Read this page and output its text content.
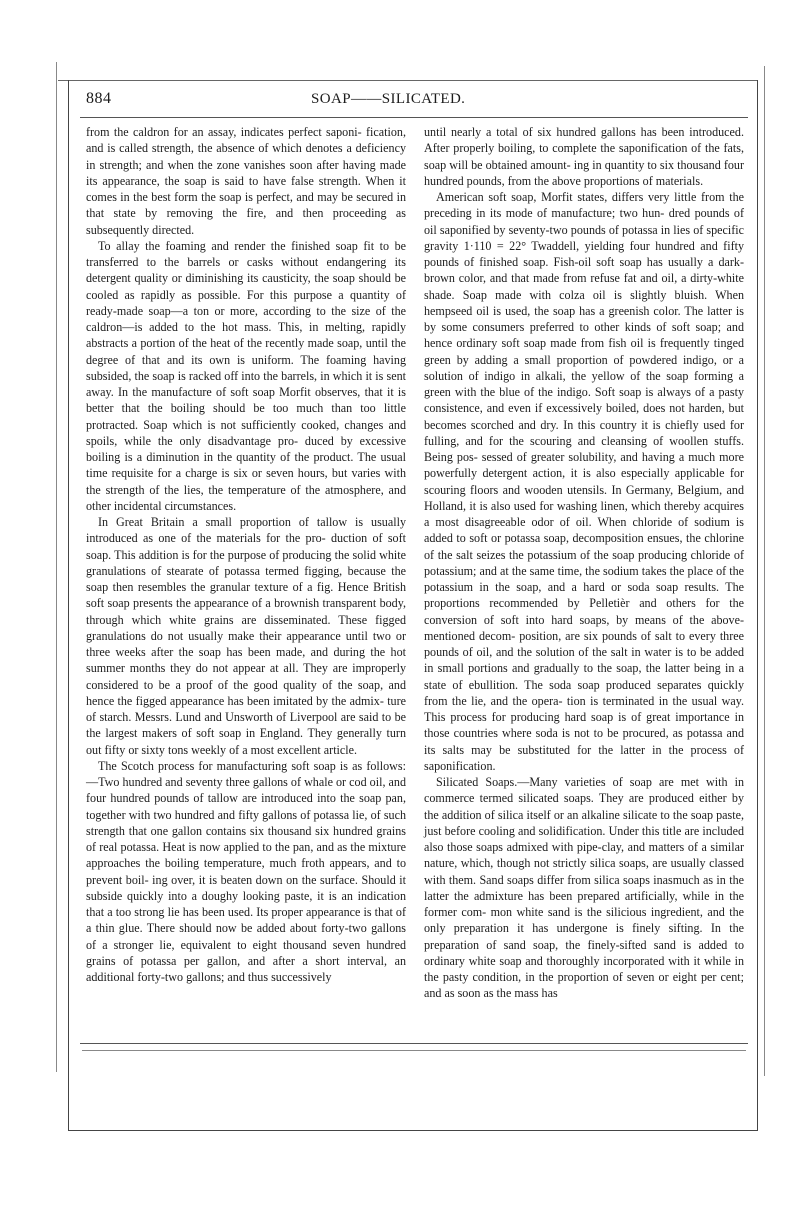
884	SOAP——SILICATED.

from the caldron for an assay, indicates perfect saponi- fication, and is called strength, the absence of which denotes a deficiency in strength; and when the zone vanishes soon after having made its appearance, the soap is said to have false strength. When it comes in the best form the soap is perfect, and may be secured in that state by removing the fire, and then proceeding as subsequently directed.

To allay the foaming and render the finished soap fit to be transferred to the barrels or casks without endangering its detergent quality or diminishing its causticity, the soap should be cooled as rapidly as possible. For this purpose a quantity of ready-made soap—a ton or more, according to the size of the caldron—is added to the hot mass. This, in melting, rapidly abstracts a portion of the heat of the recently made soap, until the degree of that and its own is uniform. The foaming having subsided, the soap is racked off into the barrels, in which it is sent away. In the manufacture of soft soap Morfit observes, that it is better that the boiling should be too much than too little protracted. Soap which is not sufficiently cooked, changes and spoils, while the only disadvantage pro- duced by excessive boiling is a diminution in the quantity of the product. The usual time requisite for a charge is six or seven hours, but varies with the strength of the lies, the temperature of the atmosphere, and other incidental circumstances.

In Great Britain a small proportion of tallow is usually introduced as one of the materials for the pro- duction of soft soap. This addition is for the purpose of producing the solid white granulations of stearate of potassa termed figging, because the soap then resembles the granular texture of a fig. Hence British soft soap presents the appearance of a brownish transparent body, through which white grains are disseminated. These figged granulations do not usually make their appearance until two or three weeks after the soap has been made, and during the hot summer months they do not appear at all. They are improperly considered to be a proof of the good quality of the soap, and hence the figged appearance has been imitated by the admix- ture of starch. Messrs. Lund and Unsworth of Liverpool are said to be the largest makers of soft soap in England. They generally turn out fifty or sixty tons weekly of a most excellent article.

The Scotch process for manufacturing soft soap is as follows:—Two hundred and seventy three gallons of whale or cod oil, and four hundred pounds of tallow are introduced into the soap pan, together with two hundred and fifty gallons of potassa lie, of such strength that one gallon contains six thousand six hundred grains of real potassa. Heat is now applied to the pan, and as the mixture approaches the boiling temperature, much froth appears, and to prevent boil- ing over, it is beaten down on the surface. Should it subside quickly into a doughy looking paste, it is an indication that a too strong lie has been used. Its proper appearance is that of a thin glue. There should now be added about forty-two gallons of a stronger lie, equivalent to eight thousand seven hundred grains of potassa per gallon, and after a short interval, an additional forty-two gallons; and thus successively

until nearly a total of six hundred gallons has been introduced. After properly boiling, to complete the saponification of the fats, soap will be obtained amount- ing in quantity to six thousand four hundred pounds, from the above proportions of materials.

American soft soap, Morfit states, differs very little from the preceding in its mode of manufacture; two hun- dred pounds of oil saponified by seventy-two pounds of potassa in lies of specific gravity 1·110 = 22° Twaddell, yielding four hundred and fifty pounds of finished soap. Fish-oil soft soap has usually a dark-brown color, and that made from refuse fat and oil, a dirty-white shade. Soap made with colza oil is slightly bluish. When hempseed oil is used, the soap has a greenish color. The latter is by some consumers preferred to other kinds of soft soap; and hence ordinary soft soap made from fish oil is frequently tinged green by adding a small proportion of powdered indigo, or a solution of indigo in alkali, the yellow of the soap forming a green with the blue of the indigo. Soft soap is always of a pasty consistence, and even if excessively boiled, does not harden, but becomes scorched and dry. In this country it is chiefly used for fulling, and for the scouring and cleansing of woollen stuffs. Being pos- sessed of greater solubility, and having a much more powerfully detergent action, it is also especially applicable for scouring floors and wooden utensils. In Germany, Belgium, and Holland, it is also used for washing linen, which thereby acquires a most disagreeable odor of oil. When chloride of sodium is added to soft or potassa soap, decomposition ensues, the chlorine of the salt seizes the potassium of the soap producing chloride of potassium; and at the same time, the sodium takes the place of the potassium in the soap, and a hard or soda soap results. The proportions recommended by Pelletièr and others for the conversion of soft into hard soaps, by means of the above-mentioned decom- position, are six pounds of salt to every three pounds of oil, and the solution of the salt in water is to be added in small portions and gradually to the soap, the latter being in a state of ebullition. The soda soap produced separates quickly from the lie, and the opera- tion is terminated in the usual way. This process for producing hard soap is of great importance in those countries where soda is not to be procured, as potassa and its salts may be substituted for the latter in the process of saponification.

Silicated Soaps.—Many varieties of soap are met with in commerce termed silicated soaps. They are produced either by the addition of silica itself or an alkaline silicate to the soap paste, just before cooling and solidification. Under this title are included also those soaps admixed with pipe-clay, and matters of a similar nature, which, though not strictly silica soaps, are usually classed with them. Sand soaps differ from silica soaps inasmuch as in the latter the admixture has been prepared artificially, while in the former com- mon white sand is the silicious ingredient, and the only preparation it has undergone is finely sifting. In the preparation of sand soap, the finely-sifted sand is added to ordinary white soap and thoroughly incorporated with it while in the pasty condition, in the proportion of seven or eight per cent; and as soon as the mass has
